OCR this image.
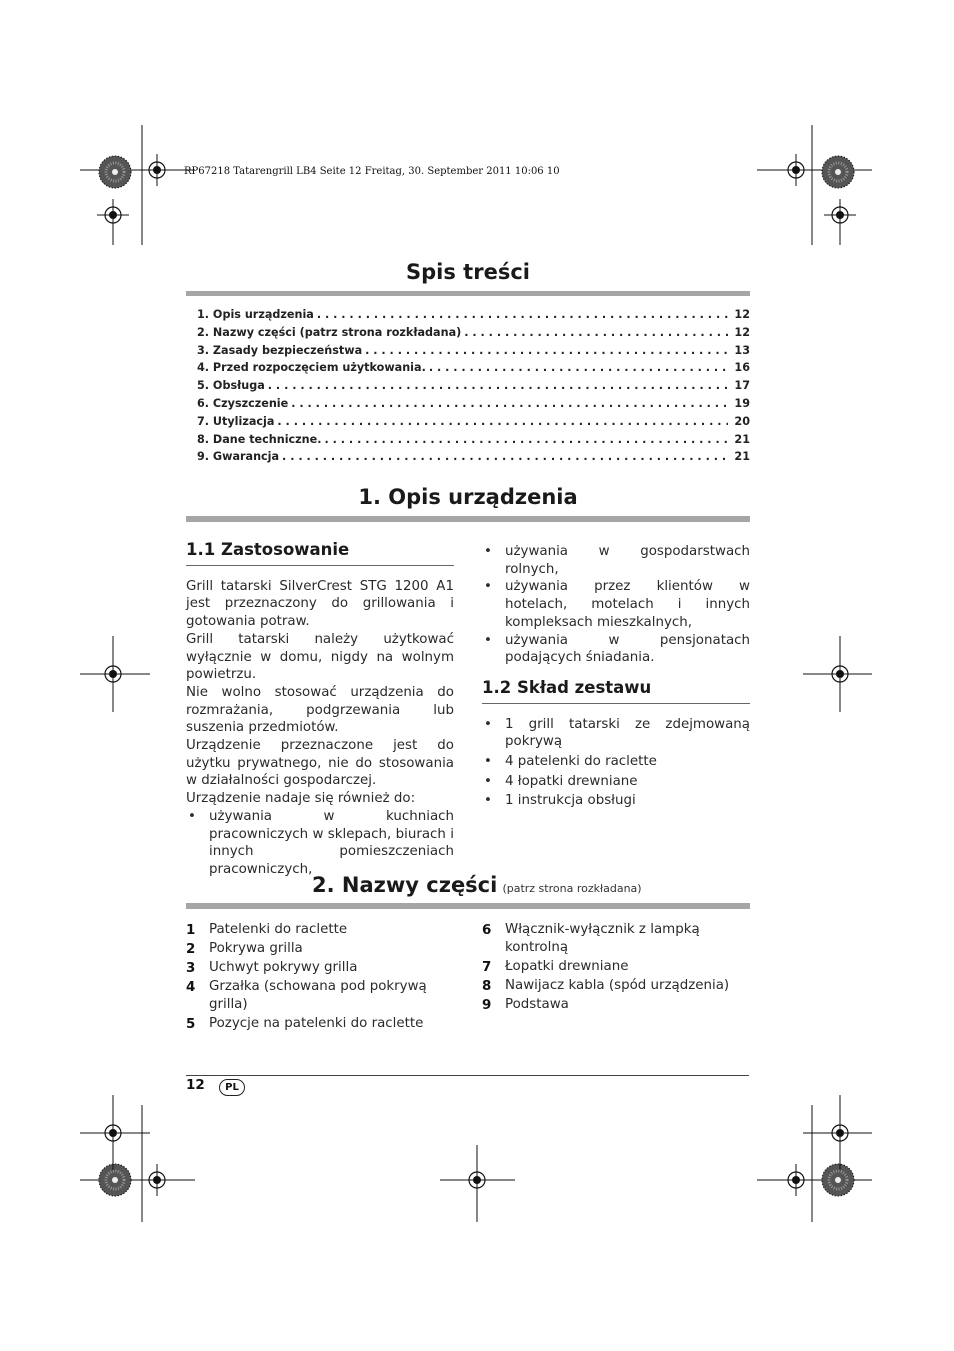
RP67218 Tatarengrill LB4 Seite 12 Freitag, 30. September 2011 10:06 10
Spis treści
1. Opis urządzenia . . .	12
2. Nazwy części (patrz strona rozkładana) . . .	12
3. Zasady bezpieczeństwa . . .	13
4. Przed rozpoczęciem użytkowania. . . .	16
5. Obsługa . . .	17
6. Czyszczenie . . .	19
7. Utylizacja . . .	20
8. Dane techniczne. . . .	21
9. Gwarancja . . .	21
1. Opis urządzenia
1.1 Zastosowanie

Grill tatarski SilverCrest STG 1200 A1 jest przeznaczony do grillowania i gotowania potraw.

Grill tatarski należy użytkować wyłącznie w domu, nigdy na wolnym powietrzu.

Nie wolno stosować urządzenia do rozmrażania, podgrzewania lub suszenia przedmiotów.

Urządzenie przeznaczone jest do użytku prywatnego, nie do stosowania w działalności gospodarczej.

Urządzenie nadaje się również do:

• używania w kuchniach pracowniczych w sklepach, biurach i innych pomieszczeniach pracowniczych,
• używania w gospodarstwach rolnych,
• używania przez klientów w hotelach, motelach i innych kompleksach mieszkalnych,
• używania w pensjonatach podających śniadania.
1.2 Skład zestawu
• 1 grill tatarski ze zdejmowaną pokrywą
• 4 patelenki do raclette
• 4 łopatki drewniane
• 1 instrukcja obsługi
2. Nazwy części (patrz strona rozkładana)
1	Patelenki do raclette
2	Pokrywa grilla
3	Uchwyt pokrywy grilla
4	Grzałka (schowana pod pokrywą grilla)
5	Pozycje na patelenki do raclette
6	Włącznik-wyłącznik z lampką kontrolną
7	Łopatki drewniane
8	Nawijacz kabla (spód urządzenia)
9	Podstawa
12	PL
